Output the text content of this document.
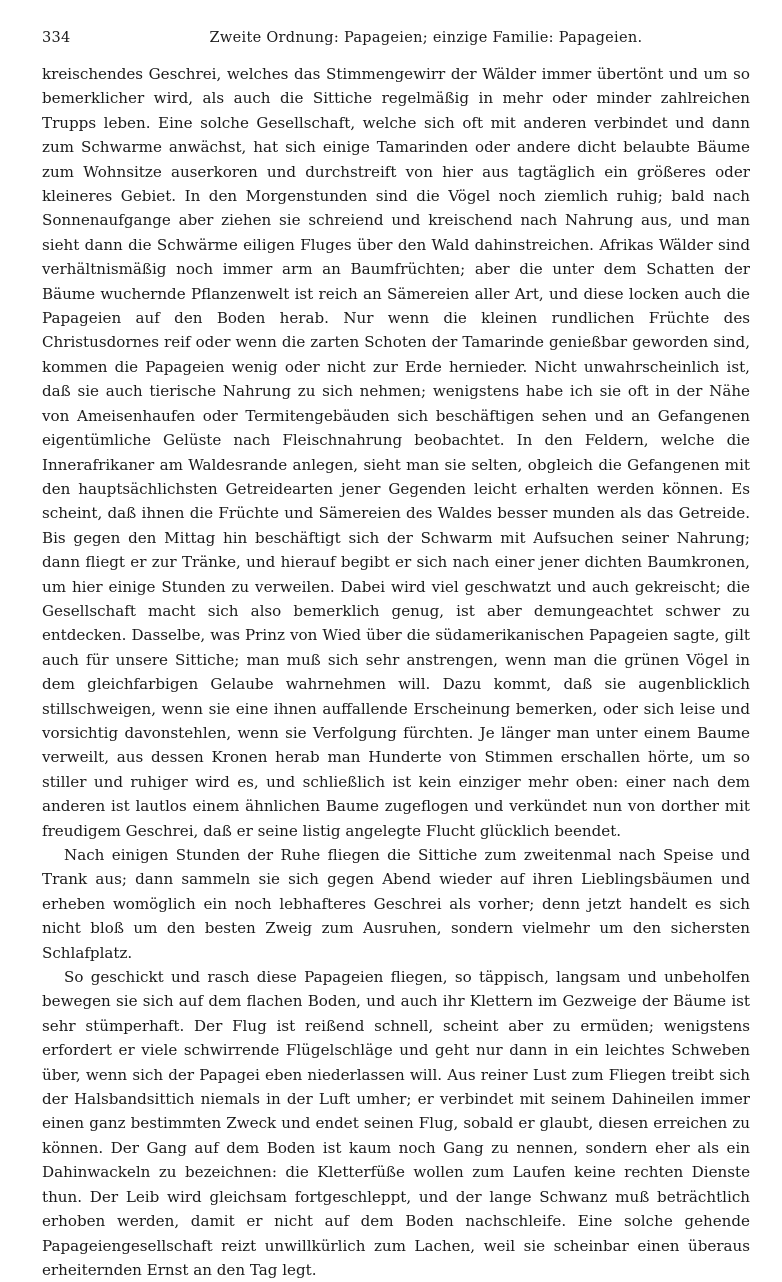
334	Zweite Ordnung: Papageien; einzige Familie: Papageien.

kreischendes Geschrei, welches das Stimmengewirr der Wälder immer übertönt und um so bemerklicher wird, als auch die Sittiche regelmäßig in mehr oder minder zahlreichen Trupps leben. Eine solche Gesellschaft, welche sich oft mit anderen verbindet und dann zum Schwarme anwächst, hat sich einige Tamarinden oder andere dicht belaubte Bäume zum Wohnsitze auserkoren und durchstreift von hier aus tagtäglich ein größeres oder kleineres Gebiet. In den Morgenstunden sind die Vögel noch ziemlich ruhig; bald nach Sonnenaufgange aber ziehen sie schreiend und kreischend nach Nahrung aus, und man sieht dann die Schwärme eiligen Fluges über den Wald dahinstreichen. Afrikas Wälder sind verhältnismäßig noch immer arm an Baumfrüchten; aber die unter dem Schatten der Bäume wuchernde Pflanzenwelt ist reich an Sämereien aller Art, und diese locken auch die Papageien auf den Boden herab. Nur wenn die kleinen rundlichen Früchte des Christusdornes reif oder wenn die zarten Schoten der Tamarinde genießbar geworden sind, kommen die Papageien wenig oder nicht zur Erde hernieder. Nicht unwahrscheinlich ist, daß sie auch tierische Nahrung zu sich nehmen; wenigstens habe ich sie oft in der Nähe von Ameisenhaufen oder Termitengebäuden sich beschäftigen sehen und an Gefangenen eigentümliche Gelüste nach Fleischnahrung beobachtet. In den Feldern, welche die Innerafrikaner am Waldesrande anlegen, sieht man sie selten, obgleich die Gefangenen mit den hauptsächlichsten Getreidearten jener Gegenden leicht erhalten werden können. Es scheint, daß ihnen die Früchte und Sämereien des Waldes besser munden als das Getreide. Bis gegen den Mittag hin beschäftigt sich der Schwarm mit Aufsuchen seiner Nahrung; dann fliegt er zur Tränke, und hierauf begibt er sich nach einer jener dichten Baumkronen, um hier einige Stunden zu verweilen. Dabei wird viel geschwatzt und auch gekreischt; die Gesellschaft macht sich also bemerklich genug, ist aber demungeachtet schwer zu entdecken. Dasselbe, was Prinz von Wied über die südamerikanischen Papageien sagte, gilt auch für unsere Sittiche; man muß sich sehr anstrengen, wenn man die grünen Vögel in dem gleichfarbigen Gelaube wahrnehmen will. Dazu kommt, daß sie augenblicklich stillschweigen, wenn sie eine ihnen auffallende Erscheinung bemerken, oder sich leise und vorsichtig davonstehlen, wenn sie Verfolgung fürchten. Je länger man unter einem Baume verweilt, aus dessen Kronen herab man Hunderte von Stimmen erschallen hörte, um so stiller und ruhiger wird es, und schließlich ist kein einziger mehr oben: einer nach dem anderen ist lautlos einem ähnlichen Baume zugeflogen und verkündet nun von dorther mit freudigem Geschrei, daß er seine listig angelegte Flucht glücklich beendet.

Nach einigen Stunden der Ruhe fliegen die Sittiche zum zweitenmal nach Speise und Trank aus; dann sammeln sie sich gegen Abend wieder auf ihren Lieblingsbäumen und erheben womöglich ein noch lebhafteres Geschrei als vorher; denn jetzt handelt es sich nicht bloß um den besten Zweig zum Ausruhen, sondern vielmehr um den sichersten Schlafplatz.

So geschickt und rasch diese Papageien fliegen, so täppisch, langsam und unbeholfen bewegen sie sich auf dem flachen Boden, und auch ihr Klettern im Gezweige der Bäume ist sehr stümperhaft. Der Flug ist reißend schnell, scheint aber zu ermüden; wenigstens erfordert er viele schwirrende Flügelschläge und geht nur dann in ein leichtes Schweben über, wenn sich der Papagei eben niederlassen will. Aus reiner Lust zum Fliegen treibt sich der Halsbandsittich niemals in der Luft umher; er verbindet mit seinem Dahineilen immer einen ganz bestimmten Zweck und endet seinen Flug, sobald er glaubt, diesen erreichen zu können. Der Gang auf dem Boden ist kaum noch Gang zu nennen, sondern eher als ein Dahinwackeln zu bezeichnen: die Kletterfüße wollen zum Laufen keine rechten Dienste thun. Der Leib wird gleichsam fortgeschleppt, und der lange Schwanz muß beträchtlich erhoben werden, damit er nicht auf dem Boden nachschleife. Eine solche gehende Papageiengesellschaft reizt unwillkürlich zum Lachen, weil sie scheinbar einen überaus erheiternden Ernst an den Tag legt.
